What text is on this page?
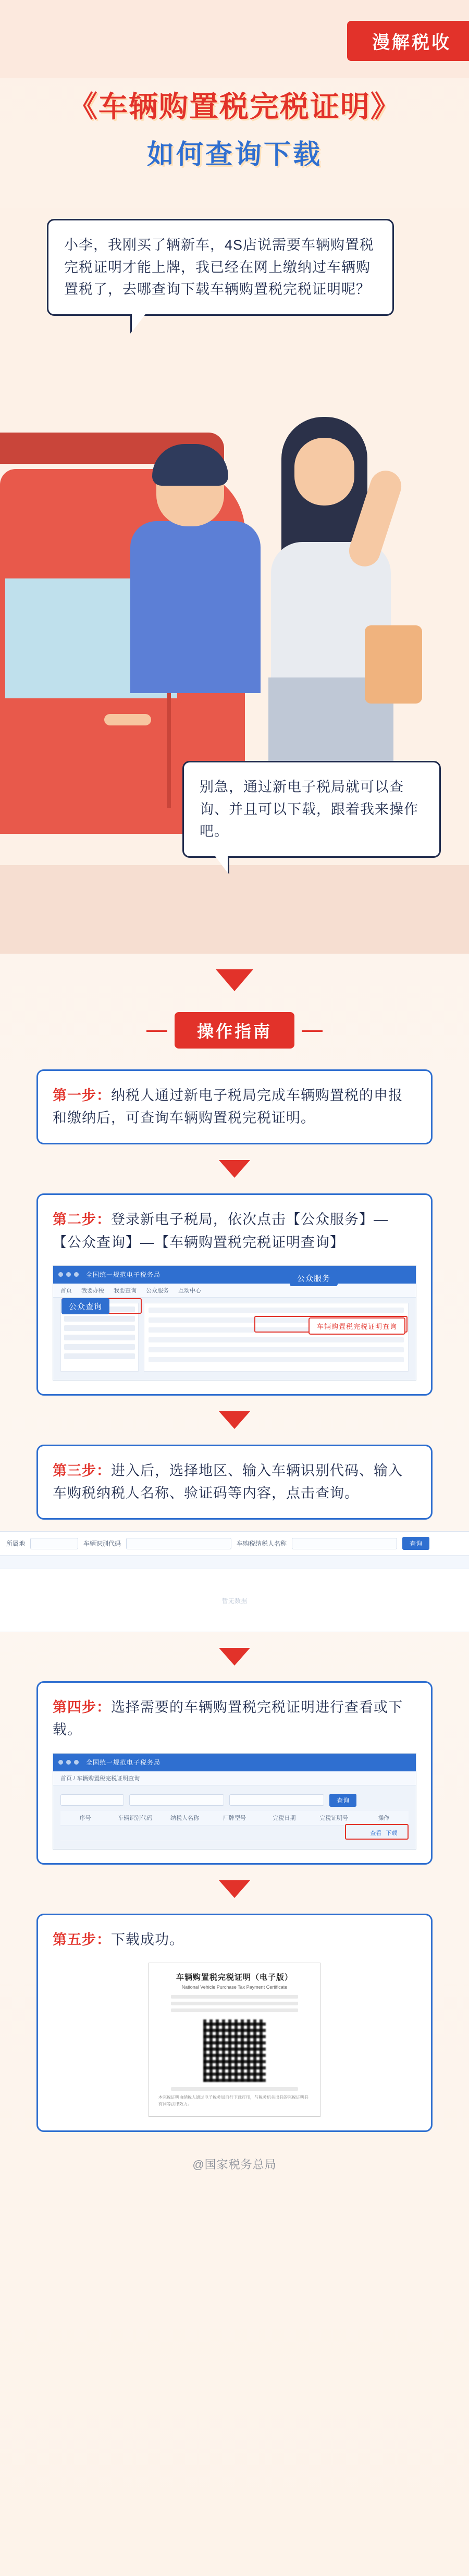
漫解税收
《车辆购置税完税证明》
如何查询下载
小李，我刚买了辆新车，4S店说需要车辆购置税完税证明才能上牌，我已经在网上缴纳过车辆购置税了，去哪查询下载车辆购置税完税证明呢？
别急，通过新电子税局就可以查询、并且可以下载，跟着我来操作吧。
操作指南
第一步：纳税人通过新电子税局完成车辆购置税的申报和缴纳后，可查询车辆购置税完税证明。
第二步：登录新电子税局，依次点击【公众服务】—【公众查询】—【车辆购置税完税证明查询】
全国统一规范电子税务局
首页 我要办税 我要查询 公众服务 互动中心
公众服务
公众查询
车辆购置税完税证明查询
第三步：进入后，选择地区、输入车辆识别代码、输入车购税纳税人名称、验证码等内容，点击查询。
所属地	车辆识别代码	车购税纳税人名称	查询

暂无数据
第四步：选择需要的车辆购置税完税证明进行查看或下载。
全国统一规范电子税务局
首页 / 车辆购置税完税证明查询
查询
序号	车辆识别代码	纳税人名称	厂牌型号	完税日期	完税证明号	操作

查看 下载
第五步：下载成功。
车辆购置税完税证明（电子版）
National Vehicle Purchase Tax Payment Certificate
本完税证明由纳税人通过电子税务局自行下载打印，与税务机关出具的完税证明具有同等法律效力。
@国家税务总局
